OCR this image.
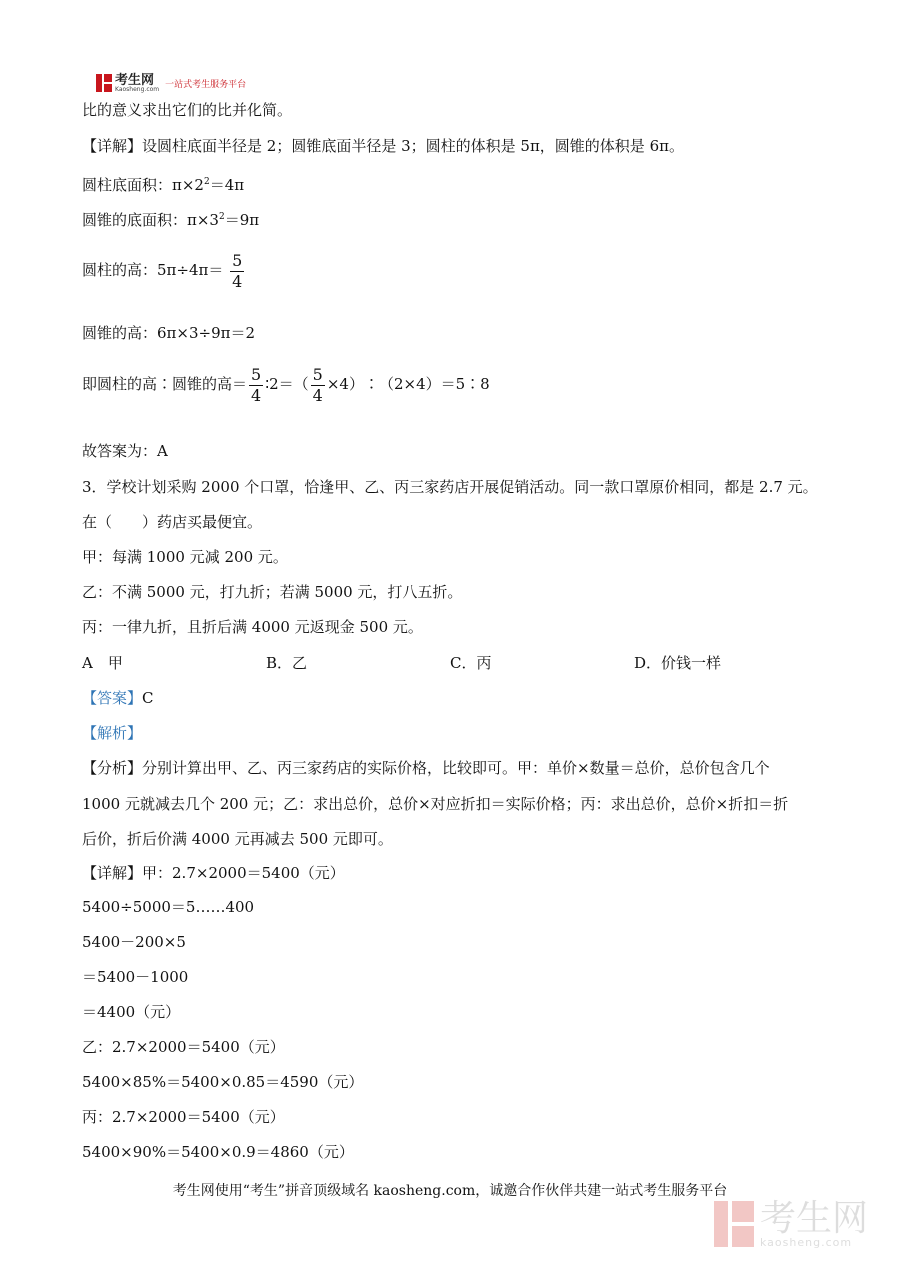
考生网
Kaosheng.com 一站式考生服务平台
比的意义求出它们的比并化简。
【详解】设圆柱底面半径是 2；圆锥底面半径是 3；圆柱的体积是 5π，圆锥的体积是 6π。
圆柱底面积：$\pi\times 2^2=4\pi$
圆锥的底面积：$\pi\times 3^2=9\pi$
圆柱的高：$5\pi\div 4\pi= \frac{5}{4}$
圆锥的高：6π×3÷9π＝2
即圆柱的高∶圆锥的高＝ $\frac{5}{4}$ ∶2＝（ $\frac{5}{4}$ ×4）∶（2×4）＝5∶8
故答案为：A
3．学校计划采购 2000 个口罩，恰逢甲、乙、丙三家药店开展促销活动。同一款口罩原价相同，都是 2.7 元。
在（　　）药店买最便宜。
甲：每满 1000 元减 200 元。
乙：不满 5000 元，打九折；若满 5000 元，打八五折。
丙：一律九折，且折后满 4000 元返现金 500 元。
A　甲	B．乙	C．丙	D．价钱一样
【答案】C
【解析】
【分析】分别计算出甲、乙、丙三家药店的实际价格，比较即可。甲：单价×数量＝总价，总价包含几个
1000 元就减去几个 200 元；乙：求出总价，总价×对应折扣＝实际价格；丙：求出总价，总价×折扣＝折
后价，折后价满 4000 元再减去 500 元即可。
【详解】甲：2.7×2000＝5400（元）
5400÷5000＝5……400
5400－200×5
＝5400－1000
＝4400（元）
乙：2.7×2000＝5400（元）
5400×85%＝5400×0.85＝4590（元）
丙：2.7×2000＝5400（元）
5400×90%＝5400×0.9＝4860（元）
考生网使用“考生”拼音顶级域名 kaosheng.com，诚邀合作伙伴共建一站式考生服务平台
考生网
kaosheng.com
